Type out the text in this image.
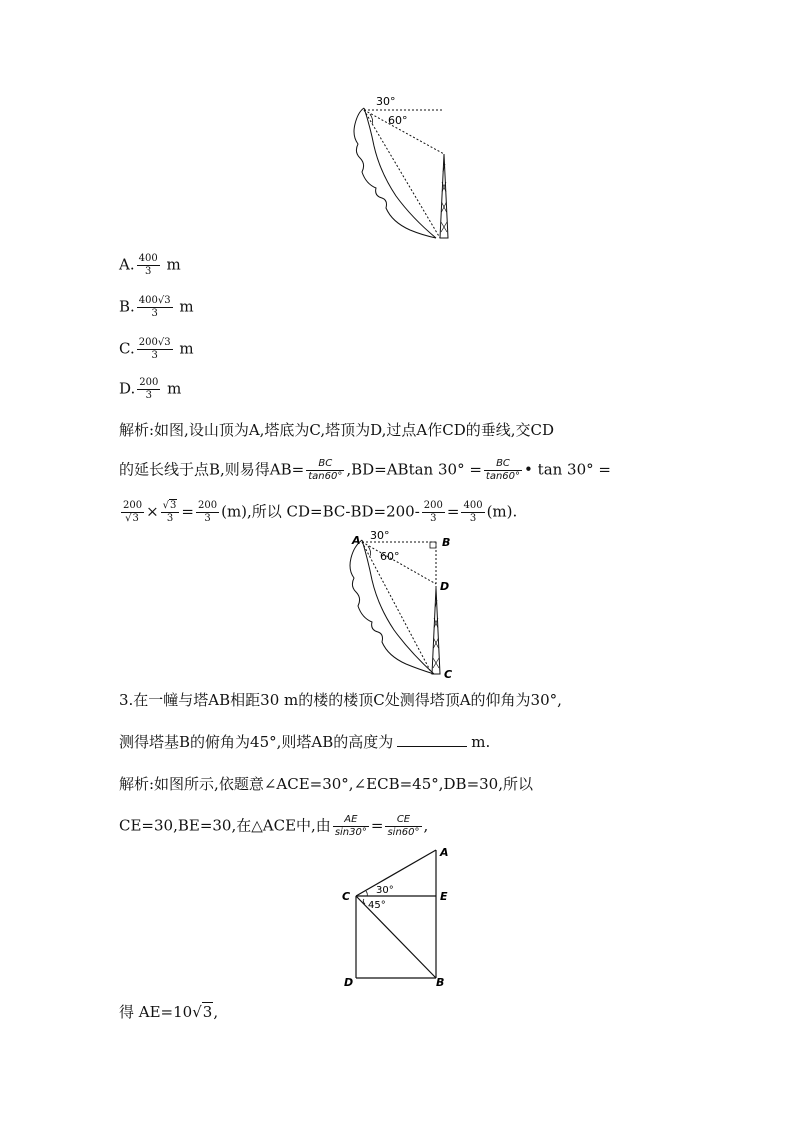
30°
60°
A. $\frac{400}{3}$ m
B. $\frac{400√3}{3}$ m
C. $\frac{200√3}{3}$ m
D. $\frac{200}{3}$ m
解析:如图,设山顶为A,塔底为C,塔顶为D,过点A作CD的垂线,交CD
的延长线于点B,则易得$AB= \frac{BC}{\tan 60^\circ} ,BD=ABtan$ $30^\circ = \frac{BC}{\tan 60^\circ}$ • tan 30° =
$\frac{200}{√3} \times \frac{√3}{3} = \frac{200}{3} (m)$,所以 $CD=BC-BD=200- \frac{200}{3} = \frac{400}{3} (m)$.
A	B
D
C
30°
60°
3.在一幢与塔AB相距30 m的楼的楼顶C处测得塔顶A的仰角为30°,
测得塔基B的俯角为45°,则塔AB的高度为	m.
解析:如图所示,依题意∠ACE=30°,∠ECB=45°,DB=30,所以
CE=30,BE=30,在△ACE中,由 $\frac{AE}{\sin 30^\circ} = \frac{CE}{\sin 60^\circ}$ ,
A
C	E
D	B
30°
45°
得 AE=10√3,
